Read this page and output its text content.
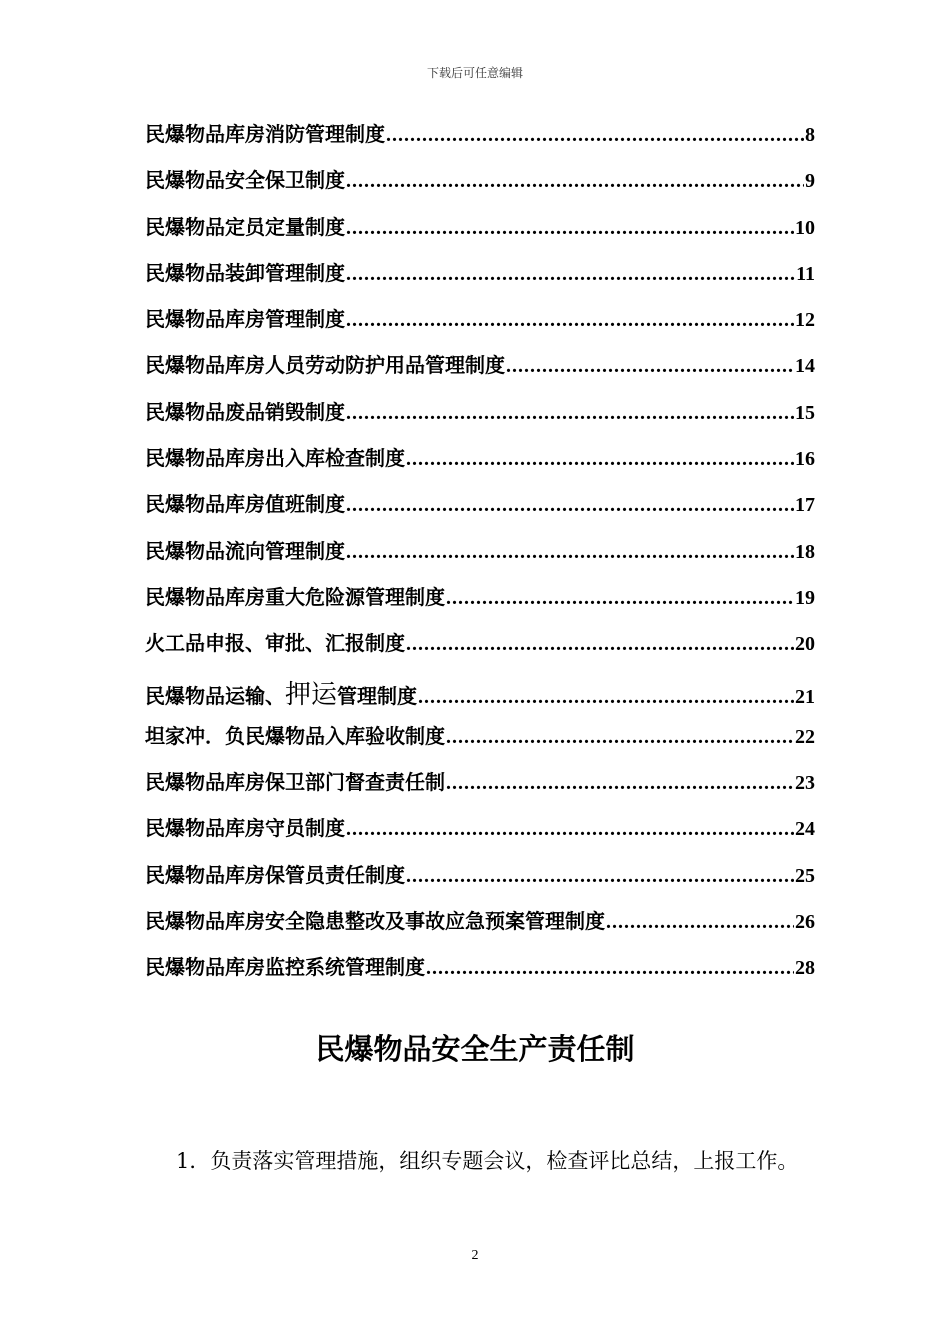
下载后可任意编辑
民爆物品库房消防管理制度 .....	8
民爆物品安全保卫制度 .....	9
民爆物品定员定量制度 .....	10
民爆物品装卸管理制度 .....	11
民爆物品库房管理制度 .....	12
民爆物品库房人员劳动防护用品管理制度 .....	14
民爆物品废品销毁制度 .....	15
民爆物品库房出入库检查制度 .....	16
民爆物品库房值班制度 .....	17
民爆物品流向管理制度 .....	18
民爆物品库房重大危险源管理制度 .....	19
火工品申报、审批、汇报制度 .....	20
民爆物品运输、押运管理制度 .....	21
坦家冲．负民爆物品入库验收制度 .....	22
民爆物品库房保卫部门督查责任制 .....	23
民爆物品库房守员制度 .....	24
民爆物品库房保管员责任制度 .....	25
民爆物品库房安全隐患整改及事故应急预案管理制度 .....	26
民爆物品库房监控系统管理制度 .....	28
民爆物品安全生产责任制
1．负责落实管理措施，组织专题会议，检查评比总结，上报工作。
2
